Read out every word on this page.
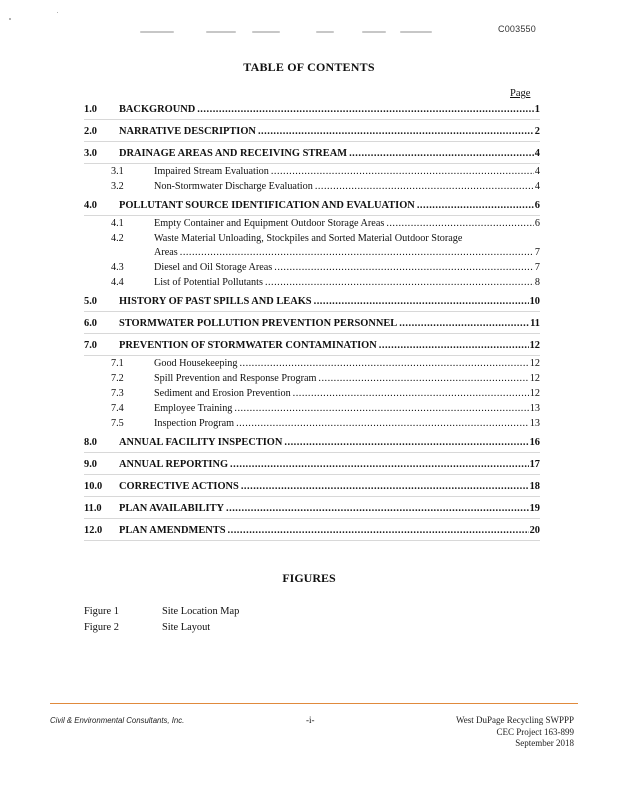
C003550
TABLE OF CONTENTS
Page
1.0 BACKGROUND .....	1
2.0 NARRATIVE DESCRIPTION .....	2
3.0 DRAINAGE AREAS AND RECEIVING STREAM .....	4
3.1	Impaired Stream Evaluation .....	4
3.2	Non-Stormwater Discharge Evaluation .....	4
4.0 POLLUTANT SOURCE IDENTIFICATION AND EVALUATION .....	6
4.1	Empty Container and Equipment Outdoor Storage Areas .....	6
4.2	Waste Material Unloading, Stockpiles and Sorted Material Outdoor Storage
Areas .....	7
4.3	Diesel and Oil Storage Areas .....	7
4.4	List of Potential Pollutants .....	8
5.0 HISTORY OF PAST SPILLS AND LEAKS .....	10
6.0 STORMWATER POLLUTION PREVENTION PERSONNEL .....	11
7.0 PREVENTION OF STORMWATER CONTAMINATION .....	12
7.1	Good Housekeeping .....	12
7.2	Spill Prevention and Response Program .....	12
7.3	Sediment and Erosion Prevention .....	12
7.4	Employee Training .....	13
7.5	Inspection Program .....	13
8.0 ANNUAL FACILITY INSPECTION .....	16
9.0 ANNUAL REPORTING .....	17
10.0 CORRECTIVE ACTIONS .....	18
11.0 PLAN AVAILABILITY .....	19
12.0 PLAN AMENDMENTS .....	20
FIGURES
Figure 1	Site Location Map
Figure 2	Site Layout
Civil & Environmental Consultants, Inc.	-i-	West DuPage Recycling SWPPP
CEC Project 163-899
September 2018
